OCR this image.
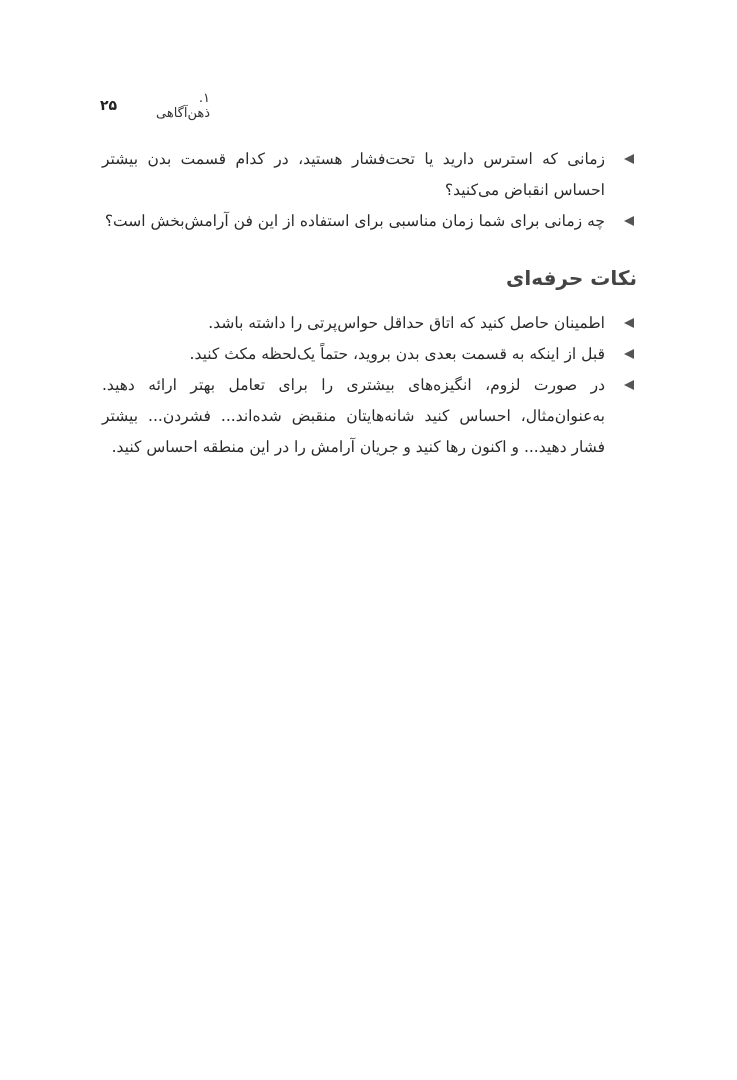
۱. ذهن‌آگاهی
۲۵
زمانی که استرس دارید یا تحت‌فشار هستید، در کدام قسمت بدن بیشتر احساس انقباض می‌کنید؟
چه زمانی برای شما زمان مناسبی برای استفاده از این فن آرامش‌بخش است؟
نکات حرفه‌ای
اطمینان حاصل کنید که اتاق حداقل حواس‌پرتی را داشته باشد.
قبل از اینکه به قسمت بعدی بدن بروید، حتماً یک‌لحظه مکث کنید.
در صورت لزوم، انگیزه‌های بیشتری را برای تعامل بهتر ارائه دهید. به‌عنوان‌مثال، احساس کنید شانه‌هایتان منقبض شده‌اند... فشردن... بیشتر فشار دهید... و اکنون رها کنید و جریان آرامش را در این منطقه احساس کنید.
